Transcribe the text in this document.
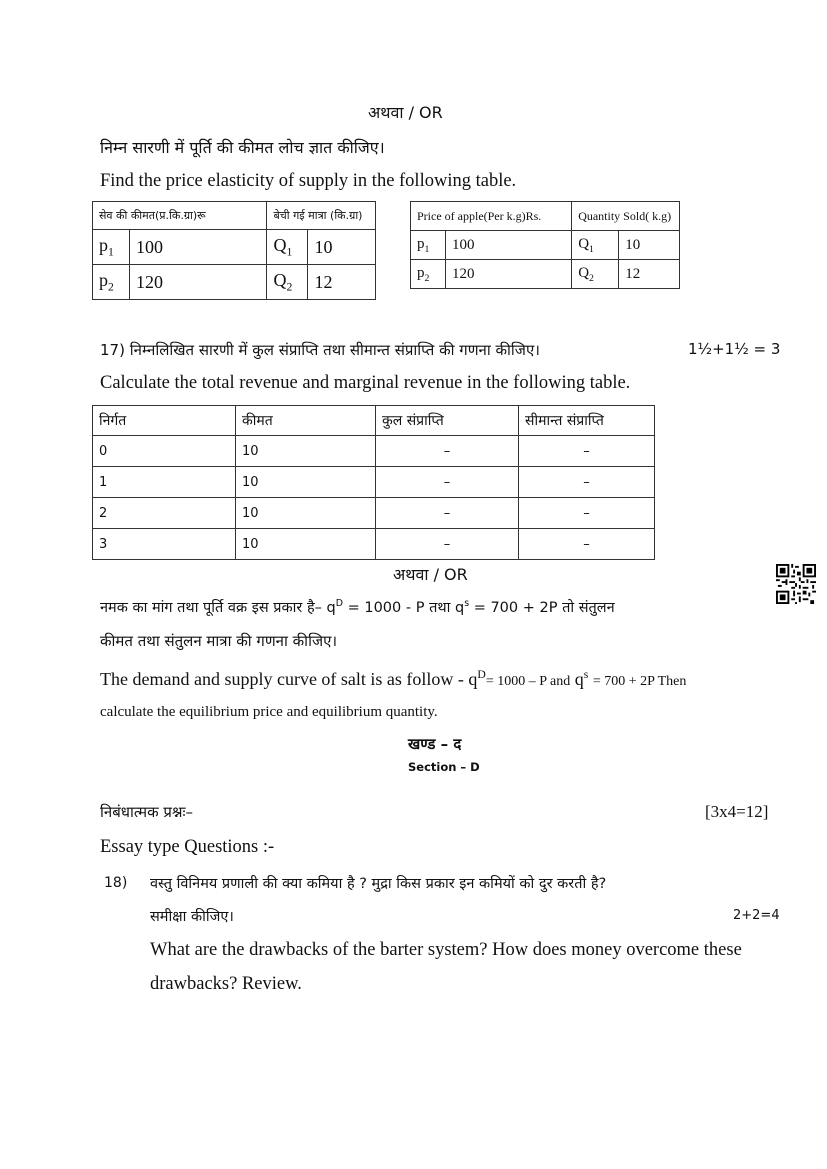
अथवा / OR
निम्न सारणी में पूर्ति की कीमत लोच ज्ञात कीजिए।
Find the price elasticity of supply in the following table.
सेव की कीमत(प्र.कि.ग्रा)रू		बेची गई मात्रा (कि.ग्रा)	
$p_1$	100	$Q_1$	10
$p_2$	120	$Q_2$	12
Price of apple(Per k.g)Rs.		Quantity Sold( k.g)	
$p_1$	100	$Q_1$	10
$p_2$	120	$Q_2$	12
17) निम्नलिखित सारणी में कुल संप्राप्ति तथा सीमान्त संप्राप्ति की गणना कीजिए।	1½+1½ = 3
Calculate the total revenue and marginal revenue in the following table.
निर्गत	कीमत	कुल संप्राप्ति	सीमान्त संप्राप्ति
0	10	–	–
1	10	–	–
2	10	–	–
3	10	–	–
अथवा / OR
नमक का मांग तथा पूर्ति वक्र इस प्रकार है– $q^D = 1000 - P$ तथा $q^s = 700 + 2P$ तो संतुलन
कीमत तथा संतुलन मात्रा की गणना कीजिए।
The demand and supply curve of salt is as follow - $q^D= 1000 - P$ and $q^s = 700 + 2P$ Then
calculate the equilibrium price and equilibrium quantity.
खण्ड – द
Section – D
निबंधात्मक प्रश्नः–	[3x4=12]
Essay type Questions :-
18) वस्तु विनिमय प्रणाली की क्या कमिया है ? मुद्रा किस प्रकार इन कमियों को दुर करती है?
समीक्षा कीजिए।	2+2=4
What are the drawbacks of the barter system? How does money overcome these
drawbacks? Review.
